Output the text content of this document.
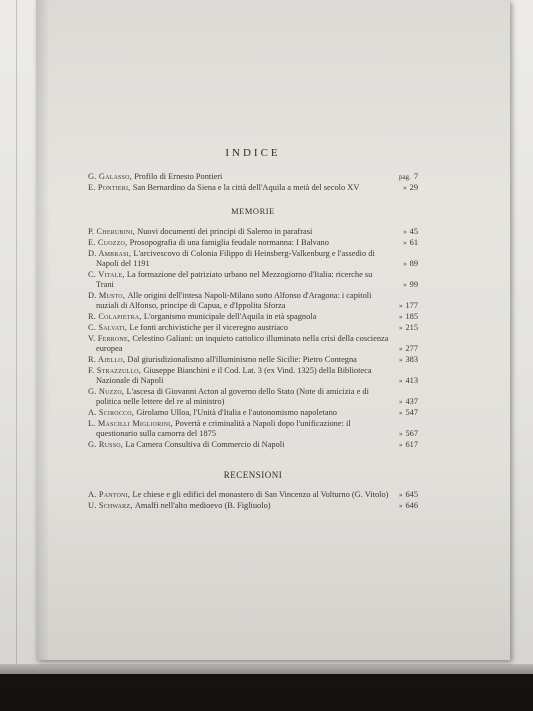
INDICE
G. Galasso, Profilo di Ernesto Pontieri	pag. 7
E. Pontieri, San Bernardino da Siena e la città dell'Aquila a metà del secolo XV	» 29
MEMORIE
P. Cherubini, Nuovi documenti dei principi di Salerno in parafrasi	» 45
E. Cuozzo, Prosopografia di una famiglia feudale normanna: I Balvano	» 61
D. Ambrasi, L'arcivescovo di Colonia Filippo di Heinsberg-Valkenburg e l'assedio di Napoli del 1191	» 89
C. Vitale, La formazione del patriziato urbano nel Mezzogiorno d'Italia: ricerche su Trani	» 99
D. Musto, Alle origini dell'intesa Napoli-Milano sotto Alfonso d'Aragona: i capitoli nuziali di Alfonso, principe di Capua, e d'Ippolita Sforza	» 177
R. Colapietra, L'organismo municipale dell'Aquila in età spagnola	» 185
C. Salvati, Le fonti archivistiche per il viceregno austriaco	» 215
V. Ferrone, Celestino Galiani: un inquieto cattolico illuminato nella crisi della coscienza europea	» 277
R. Ajello, Dal giurisdizionalismo all'illuminismo nelle Sicilie: Pietro Contegna	» 383
F. Strazzullo, Giuseppe Bianchini e il Cod. Lat. 3 (ex Vind. 1325) della Biblioteca Nazionale di Napoli	» 413
G. Nuzzo, L'ascesa di Giovanni Acton al governo dello Stato (Note di amicizia e di politica nelle lettere del re al ministro)	» 437
A. Scirocco, Girolamo Ulloa, l'Unità d'Italia e l'autonomismo napoletano	» 547
L. Mascilli Migliorini, Povertà e criminalità a Napoli dopo l'unificazione: il questionario sulla camorra del 1875	» 567
G. Russo, La Camera Consultiva di Commercio di Napoli	» 617
RECENSIONI
A. Pantoni, Le chiese e gli edifici del monastero di San Vincenzo al Volturno (G. Vitolo)	» 645
U. Schwarz, Amalfi nell'alto medioevo (B. Figliuolo)	» 646
